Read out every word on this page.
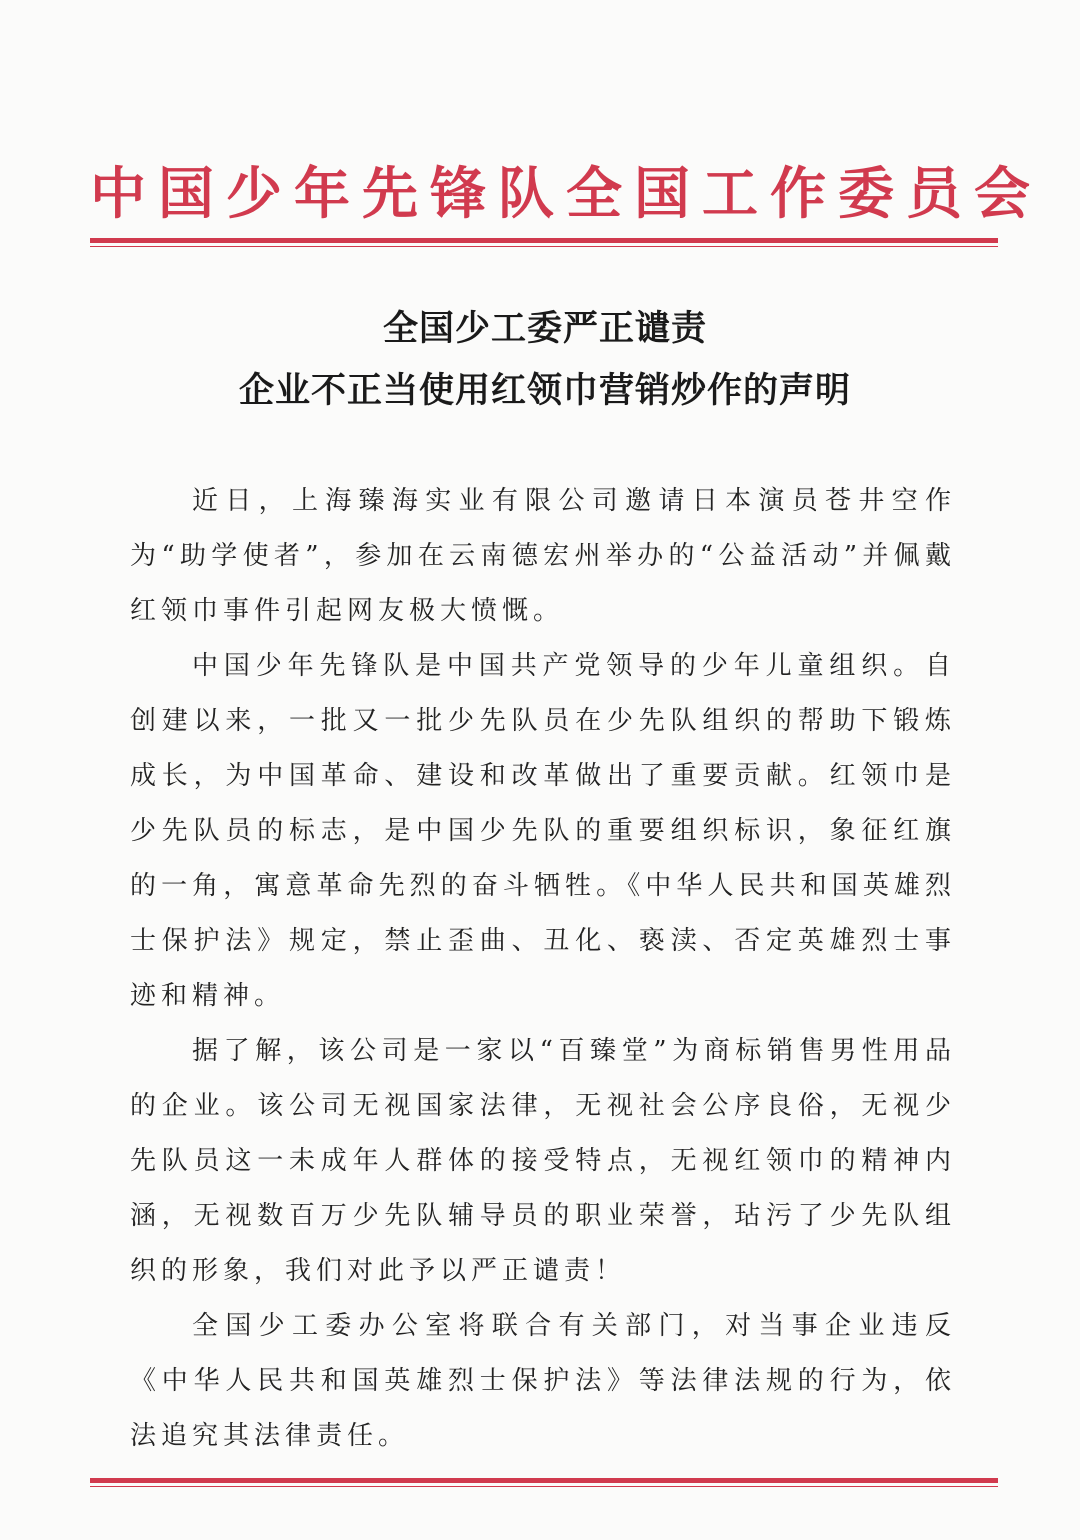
中国少年先锋队全国工作委员会
全国少工委严正谴责
企业不正当使用红领巾营销炒作的声明

近日，上海臻海实业有限公司邀请日本演员苍井空作为“助学使者”，参加在云南德宏州举办的“公益活动”并佩戴红领巾事件引起网友极大愤慨。

中国少年先锋队是中国共产党领导的少年儿童组织。自创建以来，一批又一批少先队员在少先队组织的帮助下锻炼成长，为中国革命、建设和改革做出了重要贡献。红领巾是少先队员的标志，是中国少先队的重要组织标识，象征红旗的一角，寓意革命先烈的奋斗牺牲。《中华人民共和国英雄烈士保护法》规定，禁止歪曲、丑化、亵渎、否定英雄烈士事迹和精神。

据了解，该公司是一家以“百臻堂”为商标销售男性用品的企业。该公司无视国家法律，无视社会公序良俗，无视少先队员这一未成年人群体的接受特点，无视红领巾的精神内涵，无视数百万少先队辅导员的职业荣誉，玷污了少先队组织的形象，我们对此予以严正谴责！

全国少工委办公室将联合有关部门，对当事企业违反《中华人民共和国英雄烈士保护法》等法律法规的行为，依法追究其法律责任。
